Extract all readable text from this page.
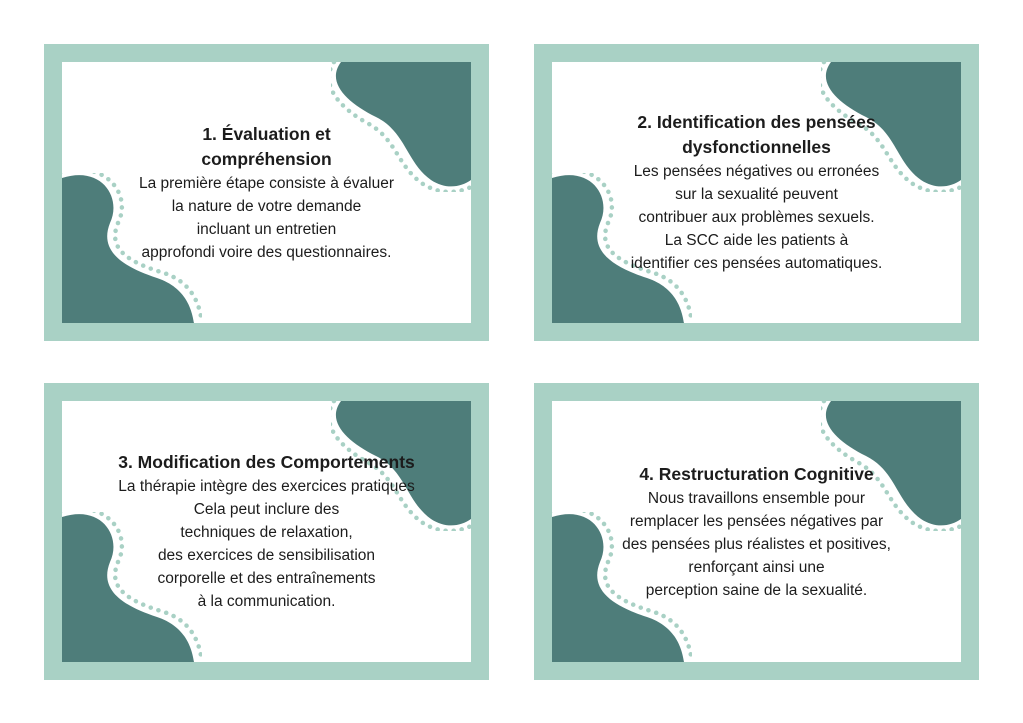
1. Évaluation et
compréhension

La première étape consiste à évaluer
la nature de votre demande
incluant un entretien
approfondi voire des questionnaires.

2. Identification des pensées
dysfonctionnelles

Les pensées négatives ou erronées
sur la sexualité peuvent
contribuer aux problèmes sexuels.
La SCC aide les patients à
identifier ces pensées automatiques.

3. Modification des Comportements

La thérapie intègre des exercices pratiques
Cela peut inclure des
techniques de relaxation,
des exercices de sensibilisation
corporelle et des entraînements
à la communication.

4. Restructuration Cognitive

Nous travaillons ensemble pour
remplacer les pensées négatives par
des pensées plus réalistes et positives,
renforçant ainsi une
perception saine de la sexualité.
